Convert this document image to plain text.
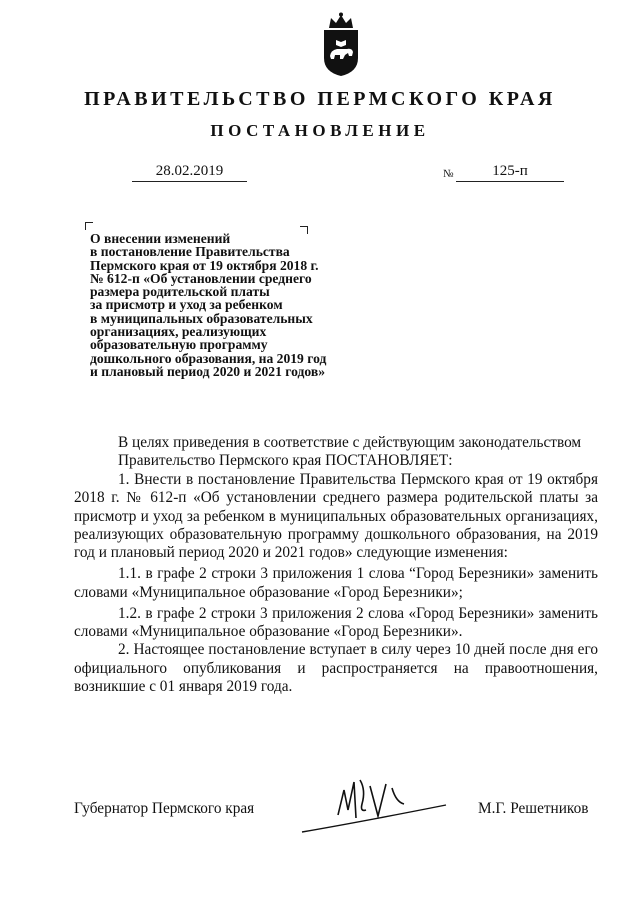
ПРАВИТЕЛЬСТВО ПЕРМСКОГО КРАЯ
ПОСТАНОВЛЕНИЕ
28.02.2019	№	125-п
О внесении изменений
в постановление Правительства
Пермского края от 19 октября 2018 г.
№ 612-п «Об установлении среднего
размера родительской платы
за присмотр и уход за ребенком
в муниципальных образовательных
организациях, реализующих
образовательную программу
дошкольного образования, на 2019 год
и плановый период 2020 и 2021 годов»
В целях приведения в соответствие с действующим законодательством
Правительство Пермского края ПОСТАНОВЛЯЕТ:
1. Внести в постановление Правительства Пермского края от 19 октября 2018 г. № 612-п «Об установлении среднего размера родительской платы за присмотр и уход за ребенком в муниципальных образовательных организациях, реализующих образовательную программу дошкольного образования, на 2019 год и плановый период 2020 и 2021 годов» следующие изменения:
1.1. в графе 2 строки 3 приложения 1 слова “Город Березники» заменить словами «Муниципальное образование «Город Березники»;
1.2. в графе 2 строки 3 приложения 2 слова «Город Березники» заменить словами «Муниципальное образование «Город Березники».
2. Настоящее постановление вступает в силу через 10 дней после дня его официального опубликования и распространяется на правоотношения, возникшие с 01 января 2019 года.
Губернатор Пермского края	М.Г. Решетников
